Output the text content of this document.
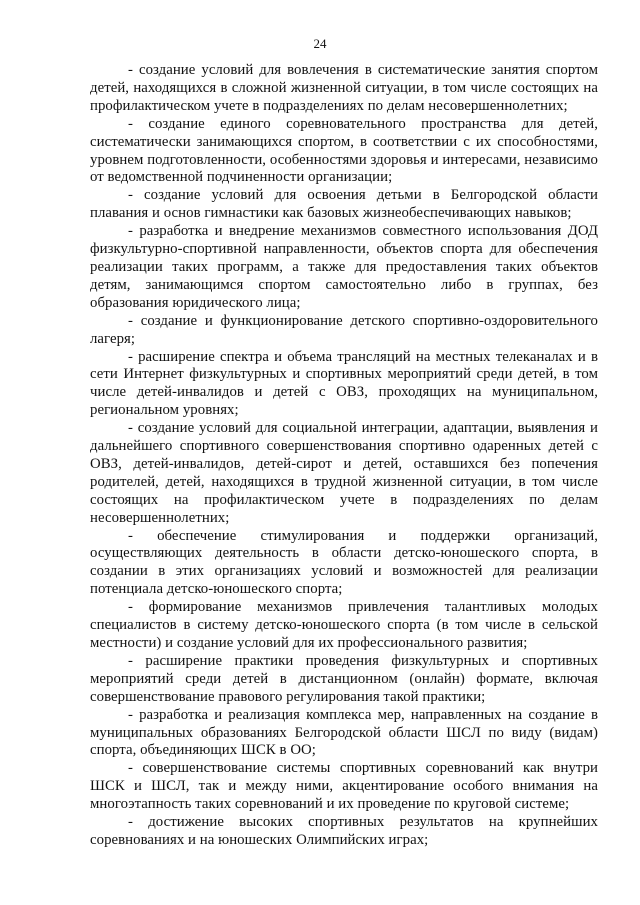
24

- создание условий для вовлечения в систематические занятия спортом детей, находящихся в сложной жизненной ситуации, в том числе состоящих на профилактическом учете в подразделениях по делам несовершеннолетних;

- создание единого соревновательного пространства для детей, систематически занимающихся спортом, в соответствии с их способностями, уровнем подготовленности, особенностями здоровья и интересами, независимо от ведомственной подчиненности организации;

- создание условий для освоения детьми в Белгородской области плавания и основ гимнастики как базовых жизнеобеспечивающих навыков;

- разработка и внедрение механизмов совместного использования ДОД физкультурно-спортивной направленности, объектов спорта для обеспечения реализации таких программ, а также для предоставления таких объектов детям, занимающимся спортом самостоятельно либо в группах, без образования юридического лица;

- создание и функционирование детского спортивно-оздоровительного лагеря;

- расширение спектра и объема трансляций на местных телеканалах и в сети Интернет физкультурных и спортивных мероприятий среди детей, в том числе детей-инвалидов и детей с ОВЗ, проходящих на муниципальном, региональном уровнях;

- создание условий для социальной интеграции, адаптации, выявления и дальнейшего спортивного совершенствования спортивно одаренных детей с ОВЗ, детей-инвалидов, детей-сирот и детей, оставшихся без попечения родителей, детей, находящихся в трудной жизненной ситуации, в том числе состоящих на профилактическом учете в подразделениях по делам несовершеннолетних;

- обеспечение стимулирования и поддержки организаций, осуществляющих деятельность в области детско-юношеского спорта, в создании в этих организациях условий и возможностей для реализации потенциала детско-юношеского спорта;

- формирование механизмов привлечения талантливых молодых специалистов в систему детско-юношеского спорта (в том числе в сельской местности) и создание условий для их профессионального развития;

- расширение практики проведения физкультурных и спортивных мероприятий среди детей в дистанционном (онлайн) формате, включая совершенствование правового регулирования такой практики;

- разработка и реализация комплекса мер, направленных на создание в муниципальных образованиях Белгородской области ШСЛ по виду (видам) спорта, объединяющих ШСК в ОО;

- совершенствование системы спортивных соревнований как внутри ШСК и ШСЛ, так и между ними, акцентирование особого внимания на многоэтапность таких соревнований и их проведение по круговой системе;

- достижение высоких спортивных результатов на крупнейших соревнованиях и на юношеских Олимпийских играх;
